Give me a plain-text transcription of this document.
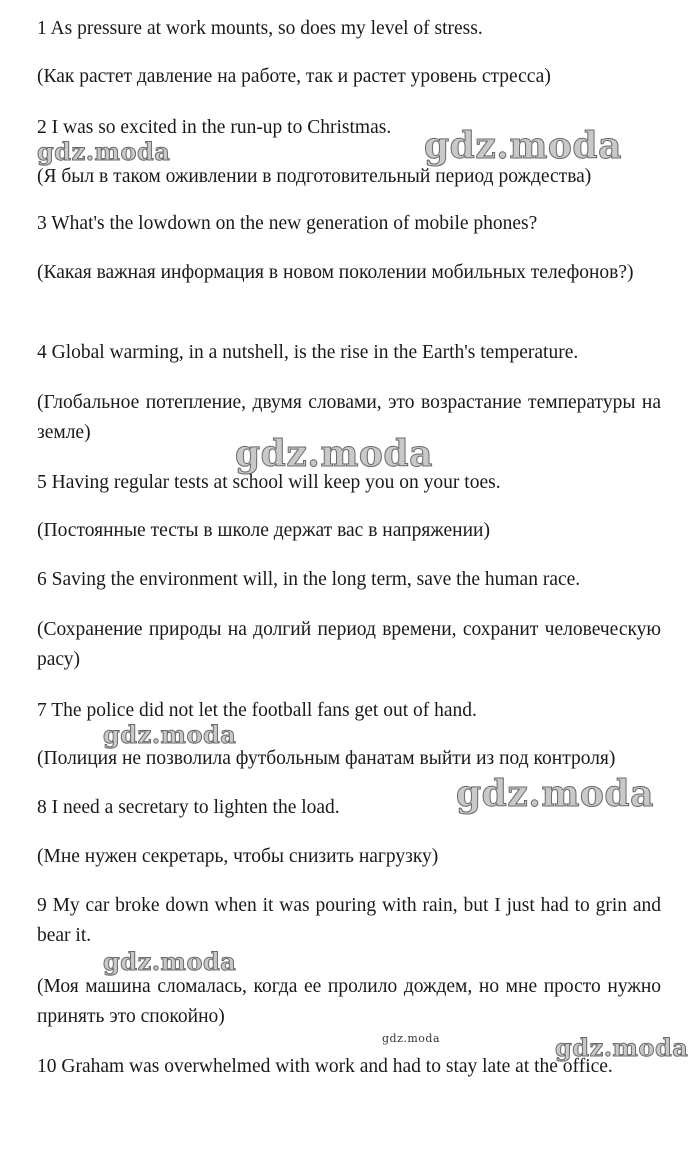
1 As pressure at work mounts, so does my level of stress.
(Как растет давление на работе, так и растет уровень стресса)
2 I was so excited in the run-up to Christmas.
(Я был в таком оживлении в подготовительный период рождества)
3 What's the lowdown on the new generation of mobile phones?
(Какая важная информация в новом поколении мобильных телефонов?)
4 Global warming, in a nutshell, is the rise in the Earth's temperature.
(Глобальное потепление, двумя словами, это возрастание температуры на земле)
5 Having regular tests at school will keep you on your toes.
(Постоянные тесты в школе держат вас в напряжении)
6 Saving the environment will, in the long term, save the human race.
(Сохранение природы на долгий период времени, сохранит человеческую расу)
7 The police did not let the football fans get out of hand.
(Полиция не позволила футбольным фанатам выйти из под контроля)
8 I need a secretary to lighten the load.
(Мне нужен секретарь, чтобы снизить нагрузку)
9 My car broke down when it was pouring with rain, but I just had to grin and bear it.
(Моя машина сломалась, когда ее пролило дождем, но мне просто нужно принять это спокойно)
10 Graham was overwhelmed with work and had to stay late at the office.
gdz.moda	gdz.moda
gdz.moda
gdz.moda
gdz.moda
gdz.moda
gdz.moda	gdz.moda
